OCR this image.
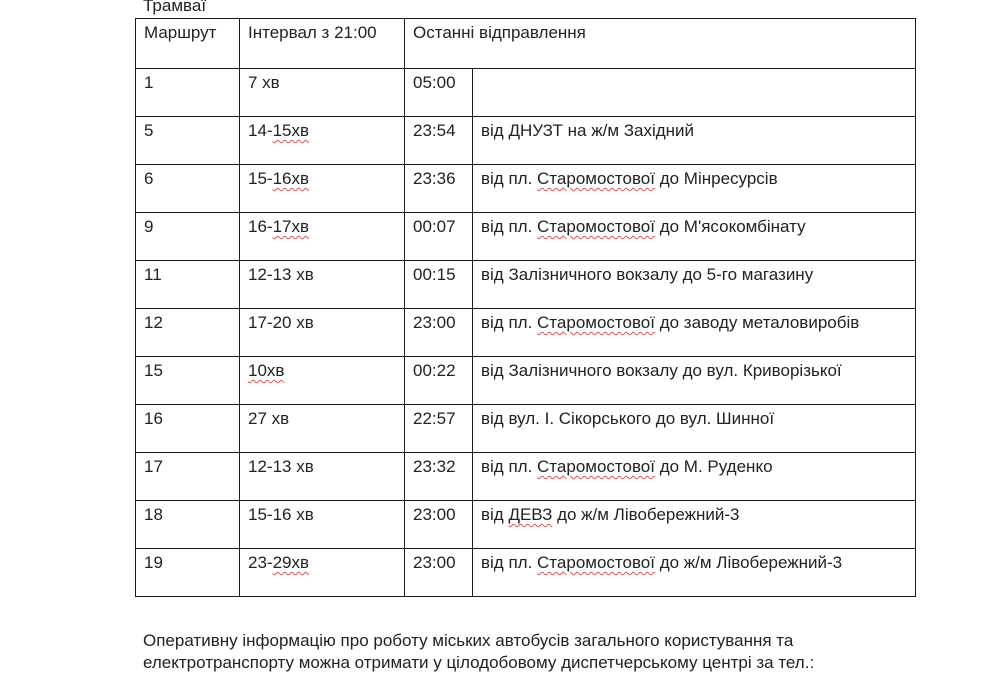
Трамваї
Маршрут	Інтервал з 21:00	Останні відправлення	
1	7 хв	05:00	
5	14-15хв	23:54	від ДНУЗТ на ж/м Західний
6	15-16хв	23:36	від пл. Старомостової до Мінресурсів
9	16-17хв	00:07	від пл. Старомостової до М'ясокомбінату
11	12-13 хв	00:15	від Залізничного вокзалу до 5-го магазину
12	17-20 хв	23:00	від пл. Старомостової до заводу металовиробів
15	10хв	00:22	від Залізничного вокзалу до вул. Криворізької
16	27 хв	22:57	від вул. І. Сікорського до вул. Шинної
17	12-13 хв	23:32	від пл. Старомостової до М. Руденко
18	15-16 хв	23:00	від ДЕВЗ до ж/м Лівобережний-3
19	23-29хв	23:00	від пл. Старомостової до ж/м Лівобережний-3

Оперативну інформацію про роботу міських автобусів загального користування та

електротранспорту можна отримати у цілодобовому диспетчерському центрі за тел.:
